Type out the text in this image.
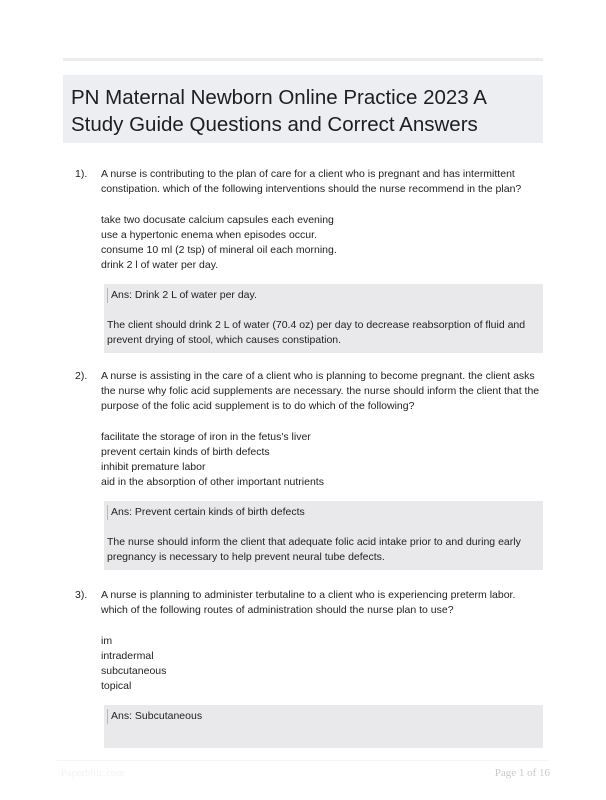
PN Maternal Newborn Online Practice 2023 A Study Guide Questions and Correct Answers
1). A nurse is contributing to the plan of care for a client who is pregnant and has intermittent constipation. which of the following interventions should the nurse recommend in the plan?
take two docusate calcium capsules each evening
use a hypertonic enema when episodes occur.
consume 10 ml (2 tsp) of mineral oil each morning.
drink 2 l of water per day.
Ans: Drink 2 L of water per day.
The client should drink 2 L of water (70.4 oz) per day to decrease reabsorption of fluid and prevent drying of stool, which causes constipation.
2). A nurse is assisting in the care of a client who is planning to become pregnant. the client asks the nurse why folic acid supplements are necessary. the nurse should inform the client that the purpose of the folic acid supplement is to do which of the following?
facilitate the storage of iron in the fetus's liver
prevent certain kinds of birth defects
inhibit premature labor
aid in the absorption of other important nutrients
Ans: Prevent certain kinds of birth defects
The nurse should inform the client that adequate folic acid intake prior to and during early pregnancy is necessary to help prevent neural tube defects.
3). A nurse is planning to administer terbutaline to a client who is experiencing preterm labor. which of the following routes of administration should the nurse plan to use?
im
intradermal
subcutaneous
topical
Ans: Subcutaneous
Paperbliic.com	Page 1 of 16
